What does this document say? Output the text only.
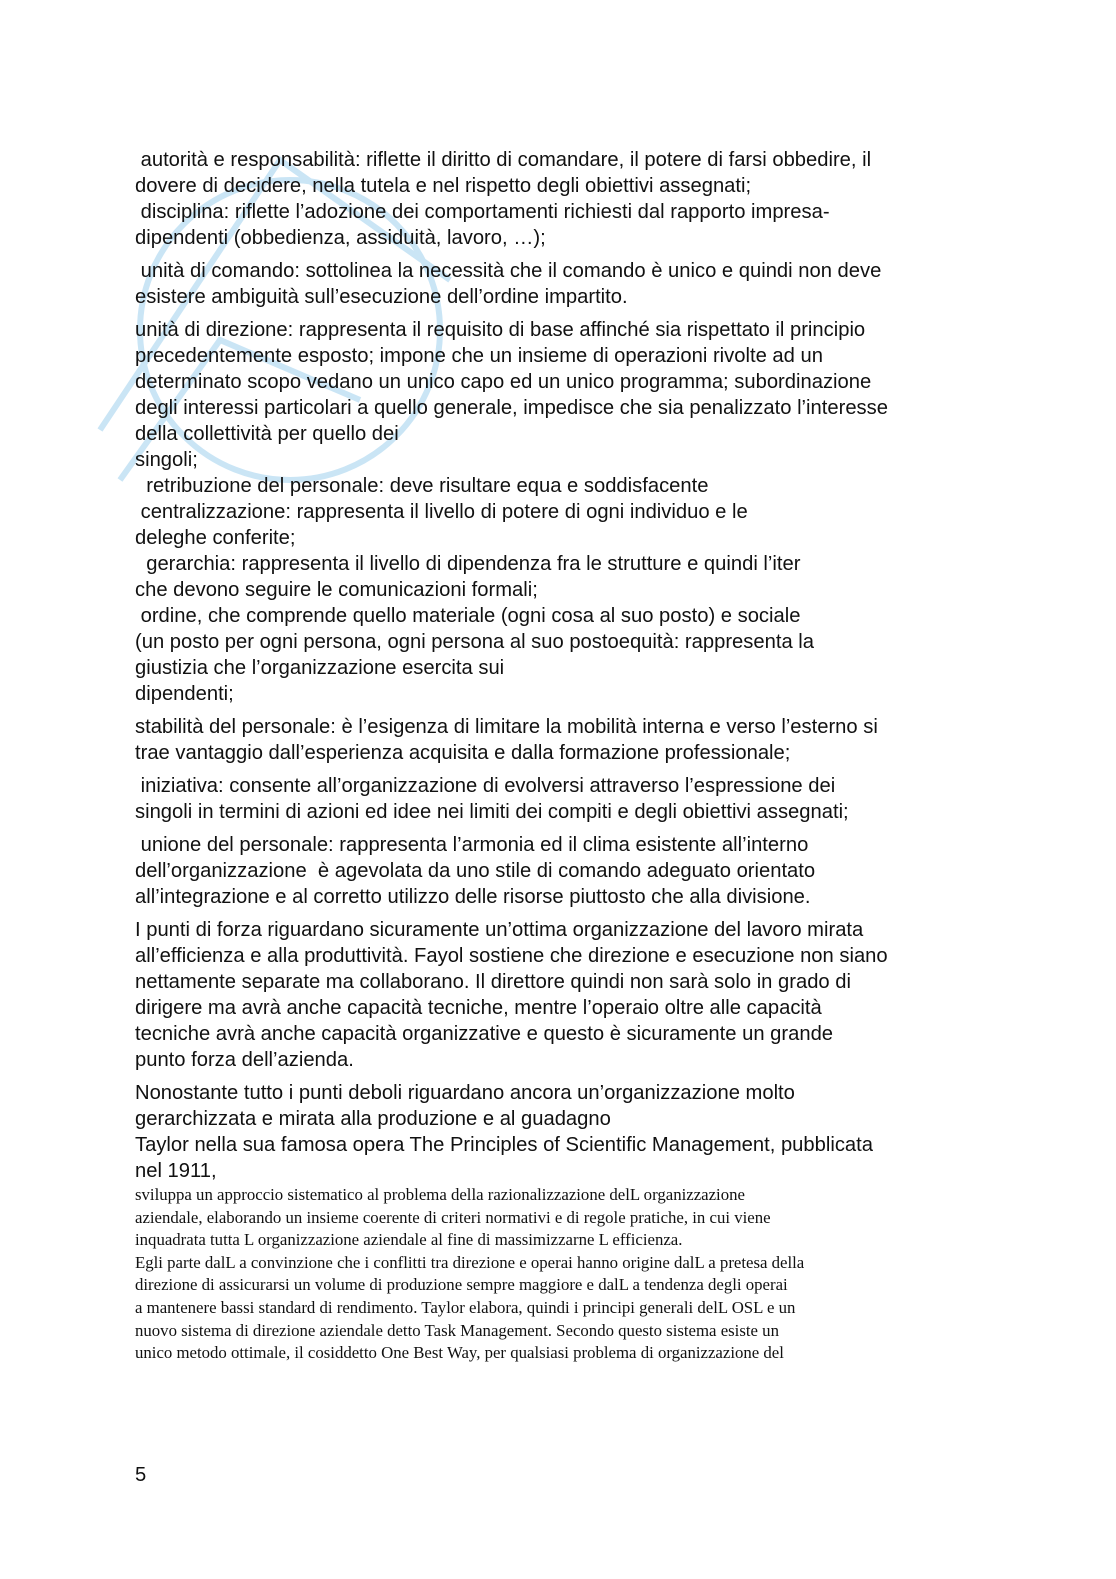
autorità e responsabilità: riflette il diritto di comandare, il potere di farsi obbedire, il
dovere di decidere, nella tutela e nel rispetto degli obiettivi assegnati;
disciplina: riflette l’adozione dei comportamenti richiesti dal rapporto impresa-
dipendenti (obbedienza, assiduità, lavoro, …);
unità di comando: sottolinea la necessità che il comando è unico e quindi non deve
esistere ambiguità sull’esecuzione dell’ordine impartito.
unità di direzione: rappresenta il requisito di base affinché sia rispettato il principio
precedentemente esposto; impone che un insieme di operazioni rivolte ad un
determinato scopo vedano un unico capo ed un unico programma; subordinazione
degli interessi particolari a quello generale, impedisce che sia penalizzato l’interesse
della collettività per quello dei
singoli;
retribuzione del personale: deve risultare equa e soddisfacente
centralizzazione: rappresenta il livello di potere di ogni individuo e le
deleghe conferite;
gerarchia: rappresenta il livello di dipendenza fra le strutture e quindi l’iter
che devono seguire le comunicazioni formali;
ordine, che comprende quello materiale (ogni cosa al suo posto) e sociale
(un posto per ogni persona, ogni persona al suo postoequità: rappresenta la
giustizia che l’organizzazione esercita sui
dipendenti;
stabilità del personale: è l’esigenza di limitare la mobilità interna e verso l’esterno si
trae vantaggio dall’esperienza acquisita e dalla formazione professionale;
iniziativa: consente all’organizzazione di evolversi attraverso l’espressione dei
singoli in termini di azioni ed idee nei limiti dei compiti e degli obiettivi assegnati;
unione del personale: rappresenta l’armonia ed il clima esistente all’interno
dell’organizzazione  è agevolata da uno stile di comando adeguato orientato
all’integrazione e al corretto utilizzo delle risorse piuttosto che alla divisione.
I punti di forza riguardano sicuramente un’ottima organizzazione del lavoro mirata
all’efficienza e alla produttività. Fayol sostiene che direzione e esecuzione non siano
nettamente separate ma collaborano. Il direttore quindi non sarà solo in grado di
dirigere ma avrà anche capacità tecniche, mentre l’operaio oltre alle capacità
tecniche avrà anche capacità organizzative e questo è sicuramente un grande
punto forza dell’azienda.
Nonostante tutto i punti deboli riguardano ancora un’organizzazione molto
gerarchizzata e mirata alla produzione e al guadagno
Taylor nella sua famosa opera The Principles of Scientific Management, pubblicata
nel 1911,
sviluppa un approccio sistematico al problema della razionalizzazione delL organizzazione
aziendale, elaborando un insieme coerente di criteri normativi e di regole pratiche, in cui viene
inquadrata tutta L organizzazione aziendale al fine di massimizzarne L efficienza.
Egli parte dalL a convinzione che i conflitti tra direzione e operai hanno origine dalL a pretesa della
direzione di assicurarsi un volume di produzione sempre maggiore e dalL a tendenza degli operai
a mantenere bassi standard di rendimento. Taylor elabora, quindi i principi generali delL OSL e un
nuovo sistema di direzione aziendale detto Task Management. Secondo questo sistema esiste un
unico metodo ottimale, il cosiddetto One Best Way, per qualsiasi problema di organizzazione del
5
